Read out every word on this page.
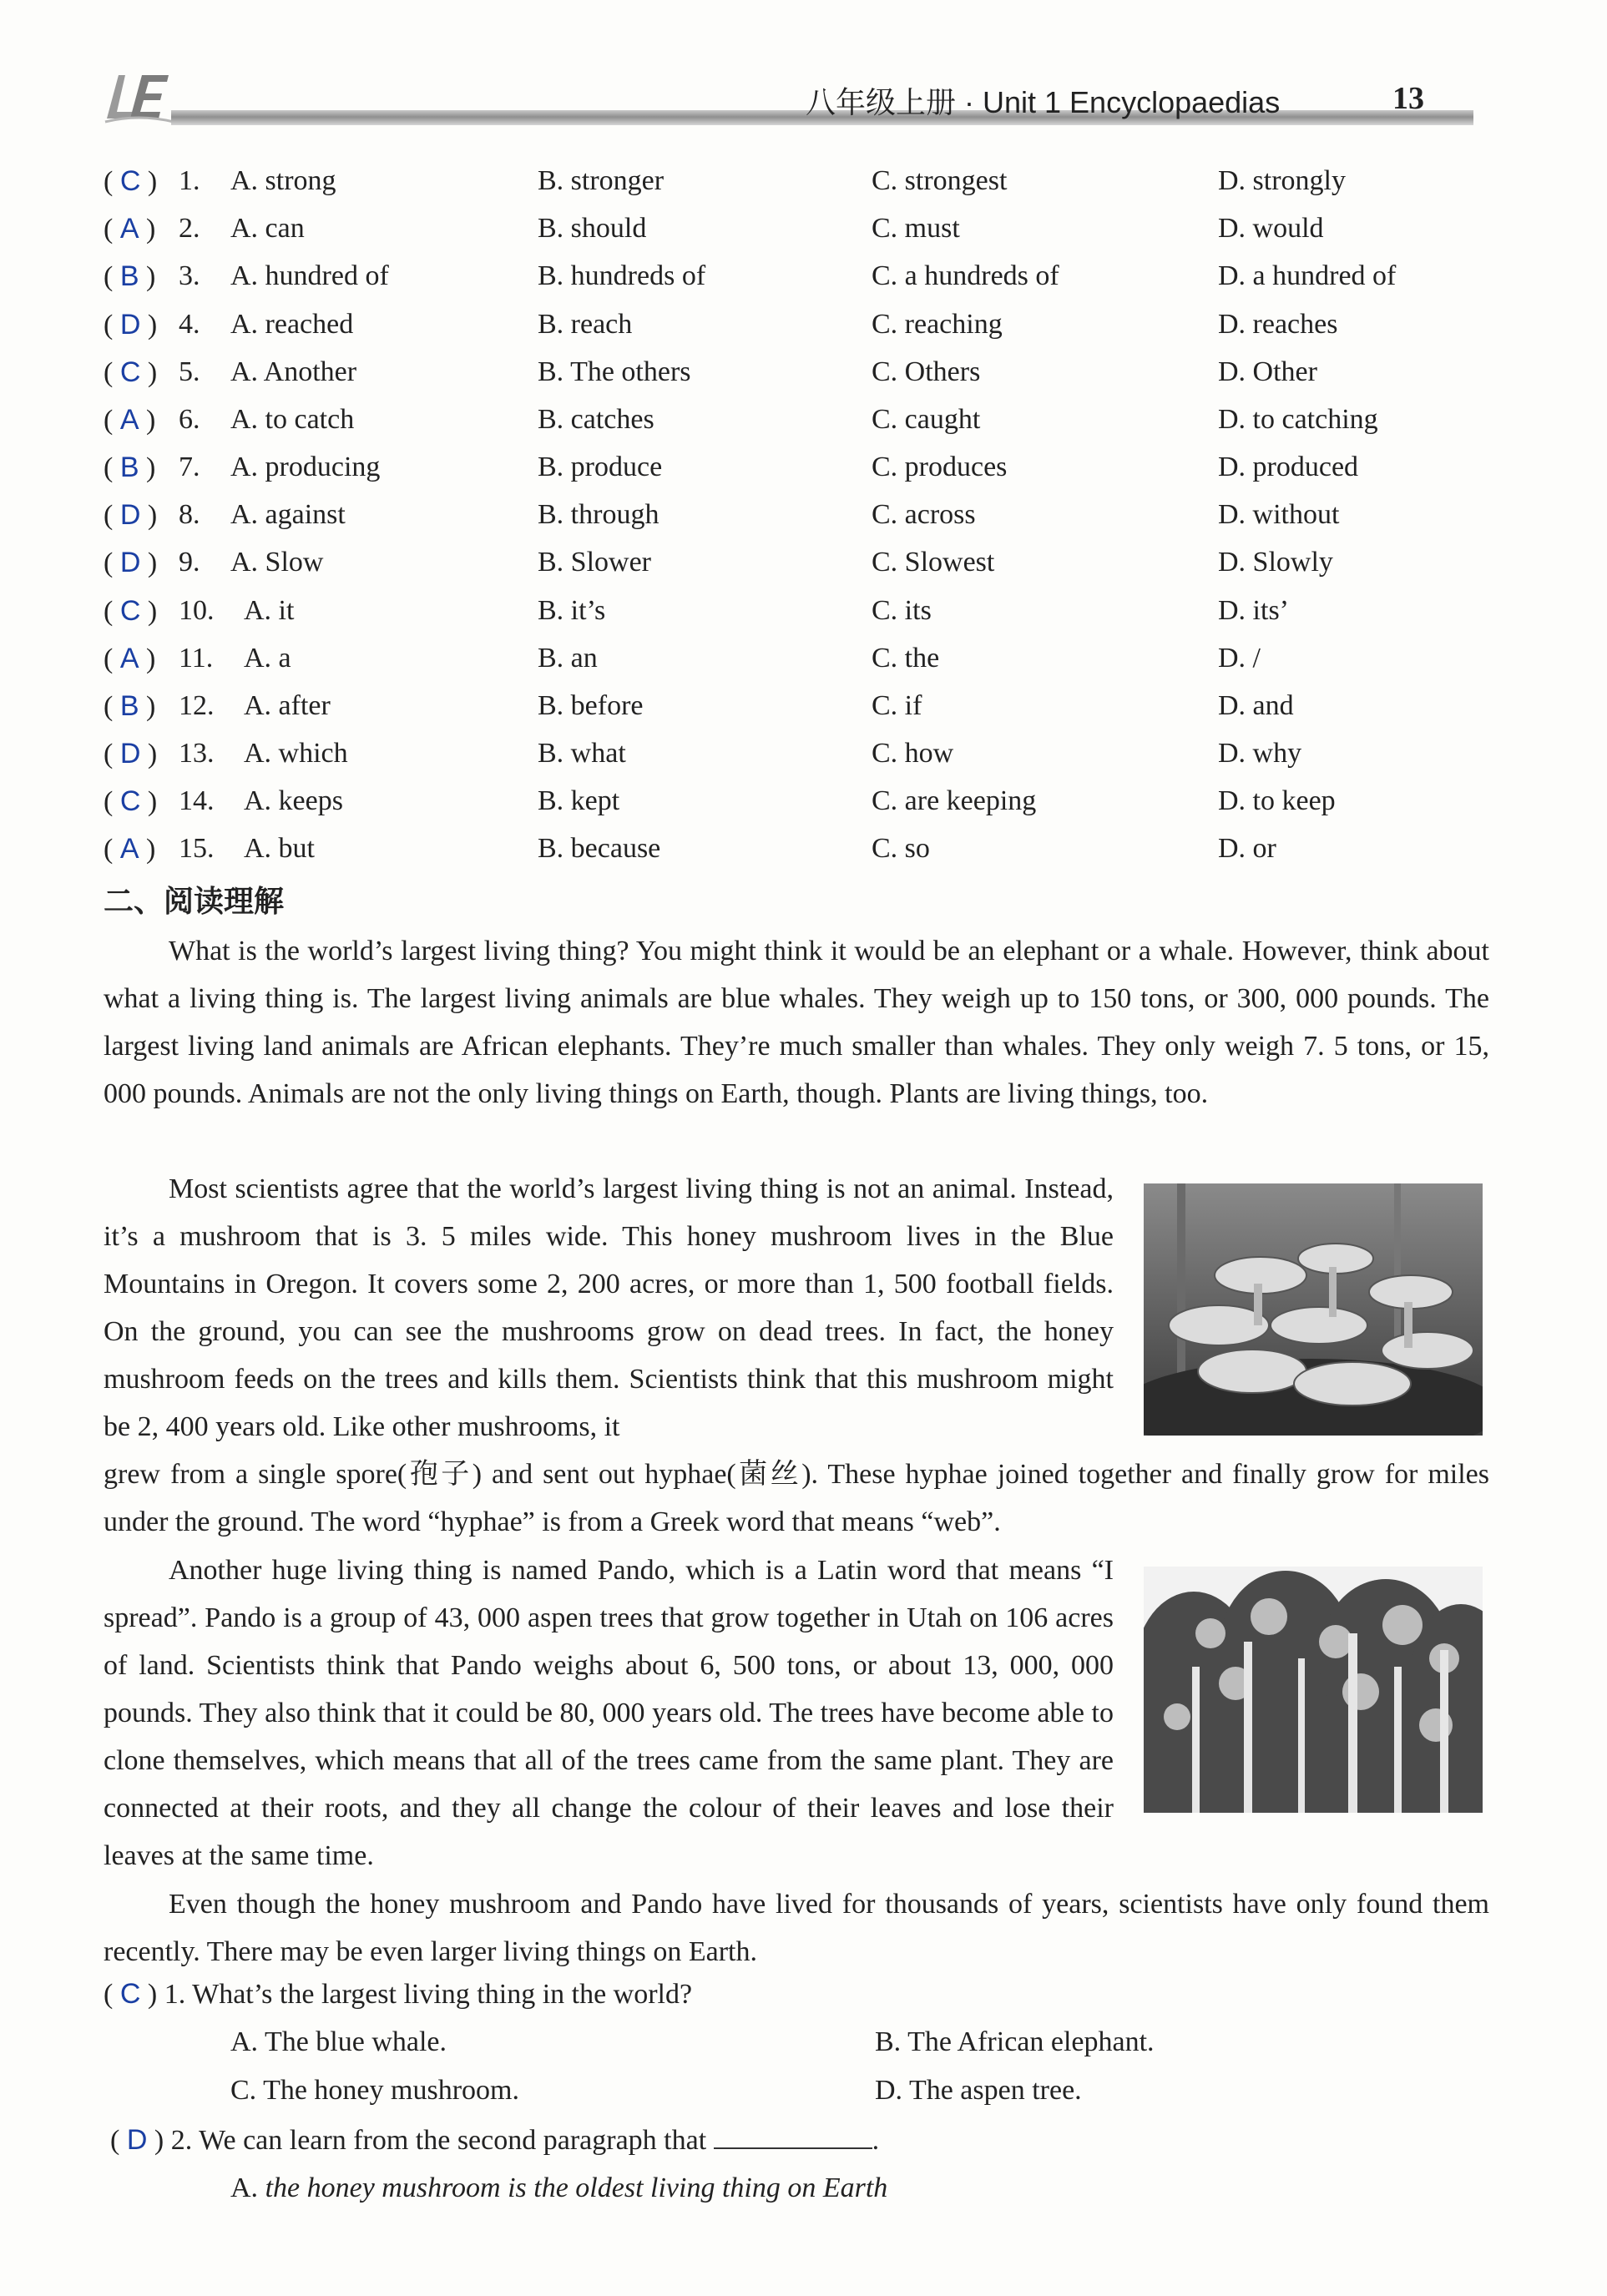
八年级上册 · Unit 1 Encyclopaedias	13
( C ) 1. A. strong	B. stronger	C. strongest	D. strongly
( A ) 2. A. can	B. should	C. must	D. would
( B ) 3. A. hundred of	B. hundreds of	C. a hundreds of	D. a hundred of
( D ) 4. A. reached	B. reach	C. reaching	D. reaches
( C ) 5. A. Another	B. The others	C. Others	D. Other
( A ) 6. A. to catch	B. catches	C. caught	D. to catching
( B ) 7. A. producing	B. produce	C. produces	D. produced
( D ) 8. A. against	B. through	C. across	D. without
( D ) 9. A. Slow	B. Slower	C. Slowest	D. Slowly
( C ) 10. A. it	B. it’s	C. its	D. its’
( A ) 11. A. a	B. an	C. the	D. /
( B ) 12. A. after	B. before	C. if	D. and
( D ) 13. A. which	B. what	C. how	D. why
( C ) 14. A. keeps	B. kept	C. are keeping	D. to keep
( A ) 15. A. but	B. because	C. so	D. or
二、阅读理解

What is the world’s largest living thing? You might think it would be an elephant or a whale. However, think about what a living thing is. The largest living animals are blue whales. They weigh up to 150 tons, or 300, 000 pounds. The largest living land animals are African elephants. They’re much smaller than whales. They only weigh 7. 5 tons, or 15, 000 pounds. Animals are not the only living things on Earth, though. Plants are living things, too.

Most scientists agree that the world’s largest living thing is not an animal. Instead, it’s a mushroom that is 3. 5 miles wide. This honey mushroom lives in the Blue Mountains in Oregon. It covers some 2, 200 acres, or more than 1, 500 football fields. On the ground, you can see the mushrooms grow on dead trees. In fact, the honey mushroom feeds on the trees and kills them. Scientists think that this mushroom might be 2, 400 years old. Like other mushrooms, it

grew from a single spore(孢子) and sent out hyphae(菌丝). These hyphae joined together and finally grow for miles under the ground. The word “hyphae” is from a Greek word that means “web”.

Another huge living thing is named Pando, which is a Latin word that means “I spread”. Pando is a group of 43, 000 aspen trees that grow together in Utah on 106 acres of land. Scientists think that Pando weighs about 6, 500 tons, or about 13, 000, 000 pounds. They also think that it could be 80, 000 years old. The trees have become able to clone themselves, which means that all of the trees came from the same plant. They are connected at their roots, and they all change the colour of their leaves and lose their leaves at the same time.

Even though the honey mushroom and Pando have lived for thousands of years, scientists have only found them recently. There may be even larger living things on Earth.

( C ) 1. What’s the largest living thing in the world?
A. The blue whale.	B. The African elephant.
C. The honey mushroom.	D. The aspen tree.
( D ) 2. We can learn from the second paragraph that	.
A. the honey mushroom is the oldest living thing on Earth
